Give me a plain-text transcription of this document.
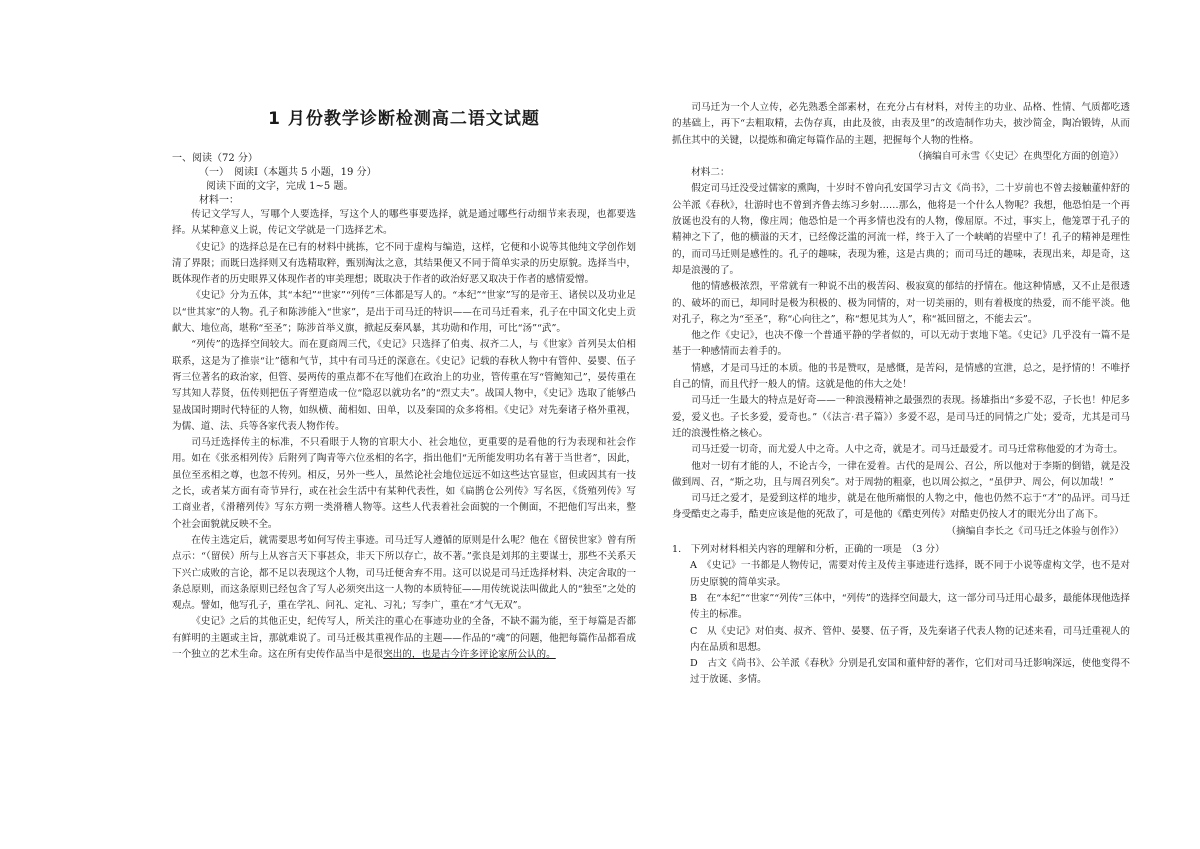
1 月份教学诊断检测高二语文试题
一、阅读（72 分）
（一）　阅读Ⅰ（本题共 5 小题，19 分）
阅读下面的文字，完成 1~5 题。
材料一：

传记文学写人，写哪个人要选择，写这个人的哪些事要选择，就是通过哪些行动细节来表现，也都要选择。从某种意义上说，传记文学就是一门选择艺术。

《史记》的选择总是在已有的材料中挑拣，它不同于虚构与编造，这样，它便和小说等其他纯文学创作划清了界限；而既曰选择则又有选精取粹，甄别淘汰之意，其结果便又不同于简单实录的历史原貌。选择当中，既体现作者的历史眼界又体现作者的审美理想；既取决于作者的政治好恶又取决于作者的感情爱憎。

《史记》分为五体，其“本纪”“世家”“列传”三体都是写人的。“本纪”“世家”写的是帝王、诸侯以及功业足以“世其家”的人物。孔子和陈涉能入“世家”，是出于司马迁的特识——在司马迁看来，孔子在中国文化史上贡献大、地位高，堪称“至圣”；陈涉首举义旗，掀起反秦风暴，其功勋和作用，可比“汤”“武”。

“列传”的选择空间较大。而在夏商周三代，《史记》只选择了伯夷、叔齐二人，与《世家》首列吴太伯相联系，这是为了推崇“让”德和气节，其中有司马迁的深意在。《史记》记载的春秋人物中有管仲、晏婴、伍子胥三位著名的政治家，但管、晏两传的重点都不在写他们在政治上的功业，管传重在写“管鲍知己”，晏传重在写其知人荐贤，伍传则把伍子胥塑造成一位“隐忍以就功名”的“烈丈夫”。战国人物中，《史记》选取了能够凸显战国时期时代特征的人物，如纵横、蔺相如、田单，以及秦国的众多将相。《史记》对先秦诸子格外重视，为儒、道、法、兵等各家代表人物作传。

司马迁选择传主的标准，不只看眼于人物的官职大小、社会地位，更重要的是看他的行为表现和社会作用。如在《张丞相列传》后附列了陶青等六位丞相的名字，指出他们“无所能发明功名有著于当世者”，因此，虽位至丞相之尊，也忽不传列。相反，另外一些人，虽然论社会地位远远不如这些达官显宦，但或因其有一技之长，或者某方面有奇节异行，或在社会生活中有某种代表性，如《扁鹊仓公列传》写名医，《货殖列传》写工商业者，《滑稽列传》写东方朔一类滑稽人物等。这些人代表着社会面貌的一个侧面，不把他们写出来，整个社会面貌就反映不全。

在传主选定后，就需要思考如何写传主事迹。司马迁写人遵循的原则是什么呢？他在《留侯世家》曾有所点示：“（留侯）所与上从容言天下事甚众，非天下所以存亡，故不著。”张良是刘邦的主要谋士，那些不关系天下兴亡成败的言论，都不足以表现这个人物，司马迁便舍弃不用。这可以说是司马迁选择材料、决定舍取的一条总原则，而这条原则已经包含了写人必须突出这一人物的本质特征——用传统说法叫做此人的“独至”之处的观点。譬如，他写孔子，重在学礼、问礼、定礼、习礼；写李广，重在“才气无双”。

《史记》之后的其他正史，纪传写人，所关注的重心在事迹功业的全备，不缺不漏为能，至于每篇是否都有鲜明的主题或主旨，那就难说了。司马迁极其重视作品的主题——作品的“魂”的问题，他把每篇作品都看成一个独立的艺术生命。这在所有史传作品当中是很突出的，也是古今许多评论家所公认的。

司马迁为一个人立传，必先熟悉全部素材，在充分占有材料，对传主的功业、品格、性情、气质都吃透的基础上，再下“去粗取精，去伪存真，由此及彼，由表及里”的改造制作功夫，披沙简金，陶冶锻铸，从而抓住其中的关键，以提炼和确定每篇作品的主题，把握每个人物的性格。

（摘编自可永雪《〈史记〉在典型化方面的创造》）

材料二：

假定司马迁没受过儒家的熏陶，十岁时不曾向孔安国学习古文《尚书》，二十岁前也不曾去接触董仲舒的公羊派《春秋》，壮游时也不曾到齐鲁去练习乡射……那么，他将是一个什么人物呢？我想，他恐怕是一个再放诞也没有的人物，像庄周；他恐怕是一个再多情也没有的人物，像屈原。不过，事实上，他笼罩于孔子的精神之下了，他的横溢的天才，已经像泛滥的河流一样，终于入了一个峡峭的岩壁中了！孔子的精神是理性的，而司马迁则是感性的。孔子的趣味，表现为雅，这是古典的；而司马迁的趣味，表现出来，却是奇，这却是浪漫的了。

他的情感极浓烈，平常就有一种说不出的极苦闷、极寂寞的郁结的抒情在。他这种情感，又不止是很透的、破坏的而已，却同时是极为积极的、极为同情的，对一切美丽的，则有着极度的热爱，而不能平淡。他对孔子，称之为“至圣”，称“心向往之”，称“想见其为人”，称“祗回留之，不能去云”。

他之作《史记》，也决不像一个普通平静的学者似的，可以无动于衷地下笔。《史记》几乎没有一篇不是基于一种感情而去着手的。

情感，才是司马迁的本质。他的书是赞叹，是感慨，是苦闷，是情感的宣泄，总之，是抒情的！不唯抒自己的情，而且代抒一般人的情。这就是他的伟大之处！

司马迁一生最大的特点是好奇——一种浪漫精神之最强烈的表现。扬雄指出“多爱不忍，子长也！仲尼多爱，爱义也。子长多爱，爱奇也。”（《法言·君子篇》）多爱不忍，是司马迁的同情之广处；爱奇，尤其是司马迁的浪漫性格之核心。

司马迁爱一切奇，而尤爱人中之奇。人中之奇，就是才。司马迁最爱才。司马迁常称他爱的才为奇士。

他对一切有才能的人，不论古今，一律在爱着。古代的是周公、召公，所以他对于李斯的倒错，就是没做到周、召，“斯之功，且与周召列矣”。对于周勃的粗豪，也以周公拟之，“虽伊尹、周公，何以加哉！”

司马迁之爱才，是爱到这样的地步，就是在他所痛恨的人物之中，他也仍然不忘于“才”的品评。司马迁身受酷吏之毒手，酷吏应该是他的死敌了，可是他的《酷吏列传》对酷吏仍按人才的眼光分出了高下。

（摘编自李长之《司马迁之体验与创作》）

1.　下列对材料相关内容的理解和分析，正确的一项是　（3 分）

A　《史记》一书都是人物传记，需要对传主及传主事迹进行选择，既不同于小说等虚构文学，也不是对历史原貌的简单实录。

B　在“本纪”“世家”“列传”三体中，“列传”的选择空间最大，这一部分司马迁用心最多，最能体现他选择传主的标准。

C　从《史记》对伯夷、叔齐、管仲、晏婴、伍子胥，及先秦诸子代表人物的记述来看，司马迁重视人的内在品质和思想。

D　古文《尚书》、公羊派《春秋》分别是孔安国和董仲舒的著作，它们对司马迁影响深远，使他变得不过于放诞、多情。
